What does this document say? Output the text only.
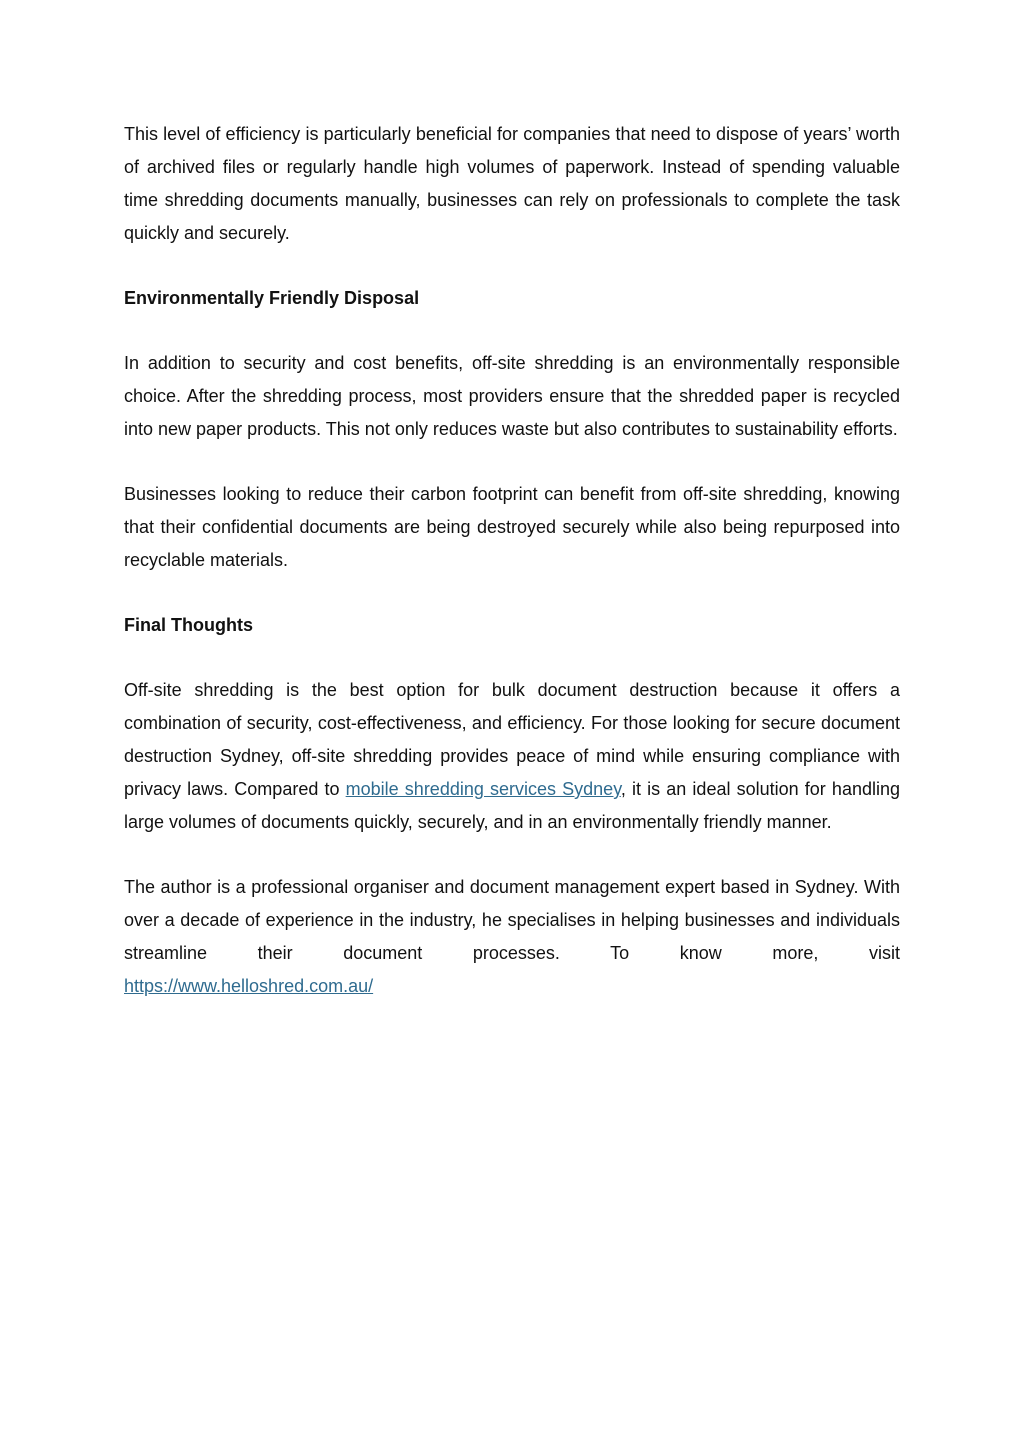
This level of efficiency is particularly beneficial for companies that need to dispose of years’ worth of archived files or regularly handle high volumes of paperwork. Instead of spending valuable time shredding documents manually, businesses can rely on professionals to complete the task quickly and securely.

Environmentally Friendly Disposal

In addition to security and cost benefits, off-site shredding is an environmentally responsible choice. After the shredding process, most providers ensure that the shredded paper is recycled into new paper products. This not only reduces waste but also contributes to sustainability efforts.

Businesses looking to reduce their carbon footprint can benefit from off-site shredding, knowing that their confidential documents are being destroyed securely while also being repurposed into recyclable materials.

Final Thoughts

Off-site shredding is the best option for bulk document destruction because it offers a combination of security, cost-effectiveness, and efficiency. For those looking for secure document destruction Sydney, off-site shredding provides peace of mind while ensuring compliance with privacy laws. Compared to mobile shredding services Sydney, it is an ideal solution for handling large volumes of documents quickly, securely, and in an environmentally friendly manner.

The author is a professional organiser and document management expert based in Sydney. With over a decade of experience in the industry, he specialises in helping businesses and individuals streamline their document processes. To know more, visit

https://www.helloshred.com.au/
